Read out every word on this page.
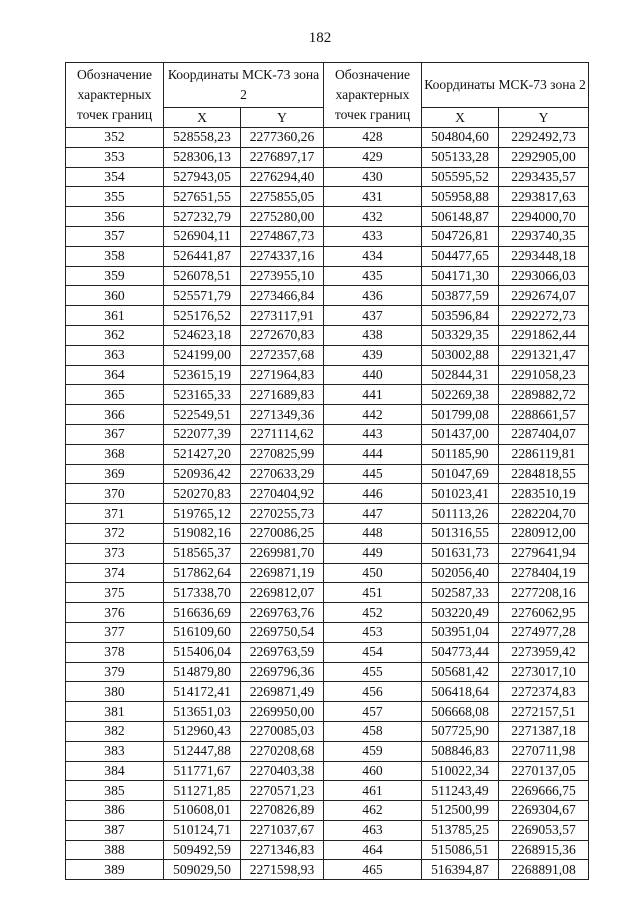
182
Обозначение характерных точек границ	Координаты МСК-73 зона 2		Обозначение характерных точек границ	Координаты МСК-73 зона 2	
	X	Y		X	Y
352	528558,23	2277360,26	428	504804,60	2292492,73
353	528306,13	2276897,17	429	505133,28	2292905,00
354	527943,05	2276294,40	430	505595,52	2293435,57
355	527651,55	2275855,05	431	505958,88	2293817,63
356	527232,79	2275280,00	432	506148,87	2294000,70
357	526904,11	2274867,73	433	504726,81	2293740,35
358	526441,87	2274337,16	434	504477,65	2293448,18
359	526078,51	2273955,10	435	504171,30	2293066,03
360	525571,79	2273466,84	436	503877,59	2292674,07
361	525176,52	2273117,91	437	503596,84	2292272,73
362	524623,18	2272670,83	438	503329,35	2291862,44
363	524199,00	2272357,68	439	503002,88	2291321,47
364	523615,19	2271964,83	440	502844,31	2291058,23
365	523165,33	2271689,83	441	502269,38	2289882,72
366	522549,51	2271349,36	442	501799,08	2288661,57
367	522077,39	2271114,62	443	501437,00	2287404,07
368	521427,20	2270825,99	444	501185,90	2286119,81
369	520936,42	2270633,29	445	501047,69	2284818,55
370	520270,83	2270404,92	446	501023,41	2283510,19
371	519765,12	2270255,73	447	501113,26	2282204,70
372	519082,16	2270086,25	448	501316,55	2280912,00
373	518565,37	2269981,70	449	501631,73	2279641,94
374	517862,64	2269871,19	450	502056,40	2278404,19
375	517338,70	2269812,07	451	502587,33	2277208,16
376	516636,69	2269763,76	452	503220,49	2276062,95
377	516109,60	2269750,54	453	503951,04	2274977,28
378	515406,04	2269763,59	454	504773,44	2273959,42
379	514879,80	2269796,36	455	505681,42	2273017,10
380	514172,41	2269871,49	456	506418,64	2272374,83
381	513651,03	2269950,00	457	506668,08	2272157,51
382	512960,43	2270085,03	458	507725,90	2271387,18
383	512447,88	2270208,68	459	508846,83	2270711,98
384	511771,67	2270403,38	460	510022,34	2270137,05
385	511271,85	2270571,23	461	511243,49	2269666,75
386	510608,01	2270826,89	462	512500,99	2269304,67
387	510124,71	2271037,67	463	513785,25	2269053,57
388	509492,59	2271346,83	464	515086,51	2268915,36
389	509029,50	2271598,93	465	516394,87	2268891,08
